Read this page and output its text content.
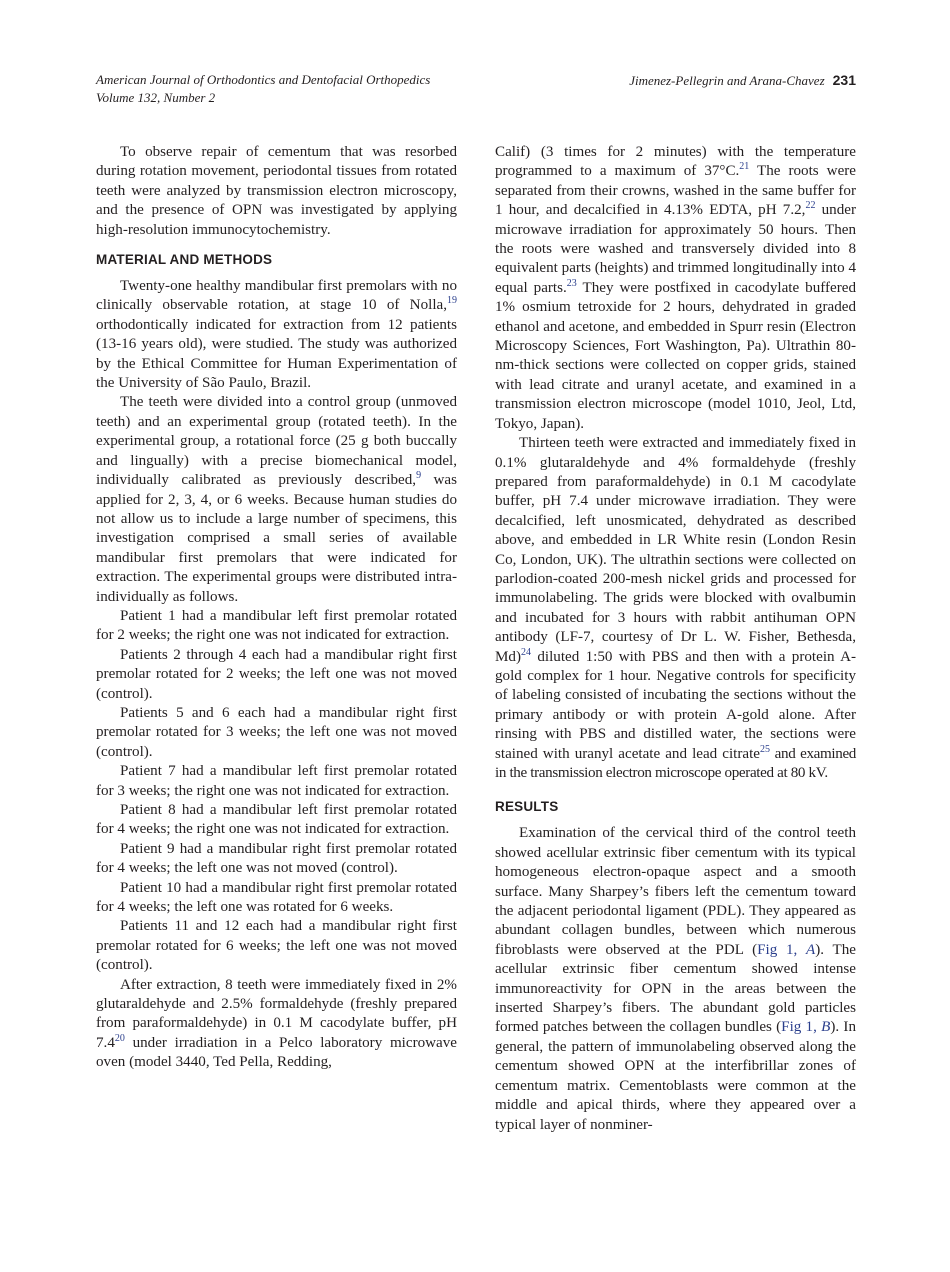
American Journal of Orthodontics and Dentofacial Orthopedics
Volume 132, Number 2
Jimenez-Pellegrin and Arana-Chavez 231

To observe repair of cementum that was resorbed during rotation movement, periodontal tissues from rotated teeth were analyzed by transmission electron microscopy, and the presence of OPN was investigated by applying high-resolution immunocytochemistry.

MATERIAL AND METHODS

Twenty-one healthy mandibular first premolars with no clinically observable rotation, at stage 10 of Nolla,$^{19}$ orthodontically indicated for extraction from 12 patients (13-16 years old), were studied. The study was authorized by the Ethical Committee for Human Experimentation of the University of São Paulo, Brazil.

The teeth were divided into a control group (unmoved teeth) and an experimental group (rotated teeth). In the experimental group, a rotational force (25 g both buccally and lingually) with a precise biomechanical model, individually calibrated as previously described,$^9$ was applied for 2, 3, 4, or 6 weeks. Because human studies do not allow us to include a large number of specimens, this investigation comprised a small series of available mandibular first premolars that were indicated for extraction. The experimental groups were distributed intra-individually as follows.

Patient 1 had a mandibular left first premolar rotated for 2 weeks; the right one was not indicated for extraction.

Patients 2 through 4 each had a mandibular right first premolar rotated for 2 weeks; the left one was not moved (control).

Patients 5 and 6 each had a mandibular right first premolar rotated for 3 weeks; the left one was not moved (control).

Patient 7 had a mandibular left first premolar rotated for 3 weeks; the right one was not indicated for extraction.

Patient 8 had a mandibular left first premolar rotated for 4 weeks; the right one was not indicated for extraction.

Patient 9 had a mandibular right first premolar rotated for 4 weeks; the left one was not moved (control).

Patient 10 had a mandibular right first premolar rotated for 4 weeks; the left one was rotated for 6 weeks.

Patients 11 and 12 each had a mandibular right first premolar rotated for 6 weeks; the left one was not moved (control).

After extraction, 8 teeth were immediately fixed in 2% glutaraldehyde and 2.5% formaldehyde (freshly prepared from paraformaldehyde) in 0.1 M cacodylate buffer, pH $7.4^{20}$ under irradiation in a Pelco laboratory microwave oven (model 3440, Ted Pella, Redding,

Calif) (3 times for 2 minutes) with the temperature programmed to a maximum of 37°C.$^{21}$ The roots were separated from their crowns, washed in the same buffer for 1 hour, and decalcified in 4.13% EDTA, pH 7.2,22 under microwave irradiation for approximately 50 hours. Then the roots were washed and transversely divided into 8 equivalent parts (heights) and trimmed longitudinally into 4 equal parts.$^{23}$ They were postfixed in cacodylate buffered 1% osmium tetroxide for 2 hours, dehydrated in graded ethanol and acetone, and embedded in Spurr resin (Electron Microscopy Sciences, Fort Washington, Pa). Ultrathin 80-nm-thick sections were collected on copper grids, stained with lead citrate and uranyl acetate, and examined in a transmission electron microscope (model 1010, Jeol, Ltd, Tokyo, Japan).

Thirteen teeth were extracted and immediately fixed in 0.1% glutaraldehyde and 4% formaldehyde (freshly prepared from paraformaldehyde) in 0.1 M cacodylate buffer, pH 7.4 under microwave irradiation. They were decalcified, left unosmicated, dehydrated as described above, and embedded in LR White resin (London Resin Co, London, UK). The ultrathin sections were collected on parlodion-coated 200-mesh nickel grids and processed for immunolabeling. The grids were blocked with ovalbumin and incubated for 3 hours with rabbit antihuman OPN antibody (LF-7, courtesy of Dr L. W. Fisher, Bethesda, Md)$^{24}$ diluted 1:50 with PBS and then with a protein A-gold complex for 1 hour. Negative controls for specificity of labeling consisted of incubating the sections without the primary antibody or with protein A-gold alone. After rinsing with PBS and distilled water, the sections were stained with uranyl acetate and lead citrate$^{25}$ and examined in the transmission electron microscope operated at 80 kV.

RESULTS

Examination of the cervical third of the control teeth showed acellular extrinsic fiber cementum with its typical homogeneous electron-opaque aspect and a smooth surface. Many Sharpey’s fibers left the cementum toward the adjacent periodontal ligament (PDL). They appeared as abundant collagen bundles, between which numerous fibroblasts were observed at the PDL (Fig 1, A). The acellular extrinsic fiber cementum showed intense immunoreactivity for OPN in the areas between the inserted Sharpey’s fibers. The abundant gold particles formed patches between the collagen bundles (Fig 1, B). In general, the pattern of immunolabeling observed along the cementum showed OPN at the interfibrillar zones of cementum matrix. Cementoblasts were common at the middle and apical thirds, where they appeared over a typical layer of nonminer-
